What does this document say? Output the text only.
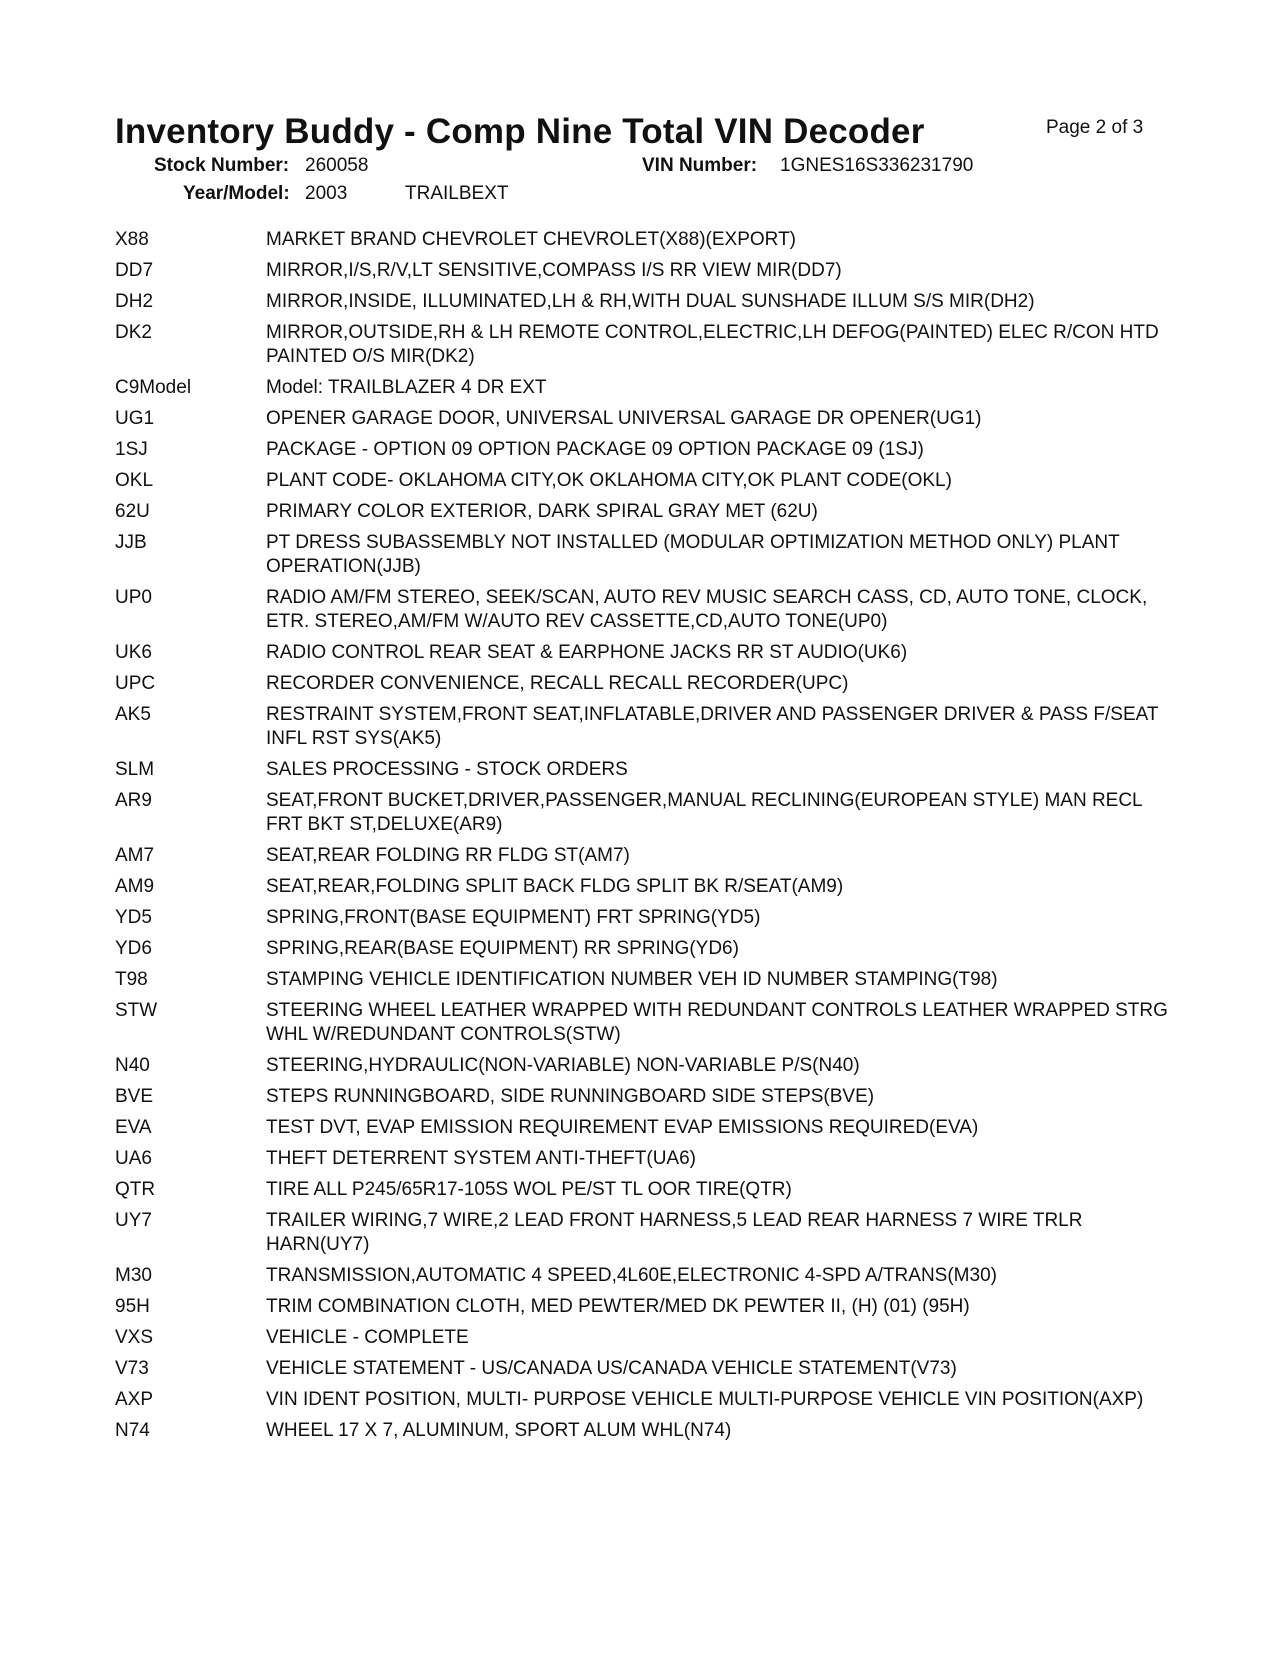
Inventory Buddy - Comp Nine Total VIN Decoder	Page 2 of 3
Stock Number: 260058	VIN Number: 1GNES16S336231790
Year/Model: 2003	TRAILBEXT
X88	MARKET BRAND CHEVROLET CHEVROLET(X88)(EXPORT)
DD7	MIRROR,I/S,R/V,LT SENSITIVE,COMPASS I/S RR VIEW MIR(DD7)
DH2	MIRROR,INSIDE, ILLUMINATED,LH & RH,WITH DUAL SUNSHADE ILLUM S/S MIR(DH2)
DK2	MIRROR,OUTSIDE,RH & LH REMOTE CONTROL,ELECTRIC,LH DEFOG(PAINTED) ELEC R/CON HTD PAINTED O/S MIR(DK2)
C9Model	Model: TRAILBLAZER 4 DR EXT
UG1	OPENER GARAGE DOOR, UNIVERSAL UNIVERSAL GARAGE DR OPENER(UG1)
1SJ	PACKAGE - OPTION 09 OPTION PACKAGE 09 OPTION PACKAGE 09 (1SJ)
OKL	PLANT CODE- OKLAHOMA CITY,OK OKLAHOMA CITY,OK PLANT CODE(OKL)
62U	PRIMARY COLOR EXTERIOR, DARK SPIRAL GRAY MET (62U)
JJB	PT DRESS SUBASSEMBLY NOT INSTALLED (MODULAR OPTIMIZATION METHOD ONLY) PLANT OPERATION(JJB)
UP0	RADIO AM/FM STEREO, SEEK/SCAN, AUTO REV MUSIC SEARCH CASS, CD, AUTO TONE, CLOCK, ETR. STEREO,AM/FM W/AUTO REV CASSETTE,CD,AUTO TONE(UP0)
UK6	RADIO CONTROL REAR SEAT & EARPHONE JACKS RR ST AUDIO(UK6)
UPC	RECORDER CONVENIENCE, RECALL RECALL RECORDER(UPC)
AK5	RESTRAINT SYSTEM,FRONT SEAT,INFLATABLE,DRIVER AND PASSENGER DRIVER & PASS F/SEAT INFL RST SYS(AK5)
SLM	SALES PROCESSING - STOCK ORDERS
AR9	SEAT,FRONT BUCKET,DRIVER,PASSENGER,MANUAL RECLINING(EUROPEAN STYLE) MAN RECL FRT BKT ST,DELUXE(AR9)
AM7	SEAT,REAR FOLDING RR FLDG ST(AM7)
AM9	SEAT,REAR,FOLDING SPLIT BACK FLDG SPLIT BK R/SEAT(AM9)
YD5	SPRING,FRONT(BASE EQUIPMENT) FRT SPRING(YD5)
YD6	SPRING,REAR(BASE EQUIPMENT) RR SPRING(YD6)
T98	STAMPING VEHICLE IDENTIFICATION NUMBER VEH ID NUMBER STAMPING(T98)
STW	STEERING WHEEL LEATHER WRAPPED WITH REDUNDANT CONTROLS LEATHER WRAPPED STRG WHL W/REDUNDANT CONTROLS(STW)
N40	STEERING,HYDRAULIC(NON-VARIABLE) NON-VARIABLE P/S(N40)
BVE	STEPS RUNNINGBOARD, SIDE RUNNINGBOARD SIDE STEPS(BVE)
EVA	TEST DVT, EVAP EMISSION REQUIREMENT EVAP EMISSIONS REQUIRED(EVA)
UA6	THEFT DETERRENT SYSTEM ANTI-THEFT(UA6)
QTR	TIRE ALL P245/65R17-105S WOL PE/ST TL OOR TIRE(QTR)
UY7	TRAILER WIRING,7 WIRE,2 LEAD FRONT HARNESS,5 LEAD REAR HARNESS 7 WIRE TRLR HARN(UY7)
M30	TRANSMISSION,AUTOMATIC 4 SPEED,4L60E,ELECTRONIC 4-SPD A/TRANS(M30)
95H	TRIM COMBINATION CLOTH, MED PEWTER/MED DK PEWTER II, (H) (01) (95H)
VXS	VEHICLE - COMPLETE
V73	VEHICLE STATEMENT - US/CANADA US/CANADA VEHICLE STATEMENT(V73)
AXP	VIN IDENT POSITION, MULTI- PURPOSE VEHICLE MULTI-PURPOSE VEHICLE VIN POSITION(AXP)
N74	WHEEL 17 X 7, ALUMINUM, SPORT ALUM WHL(N74)
